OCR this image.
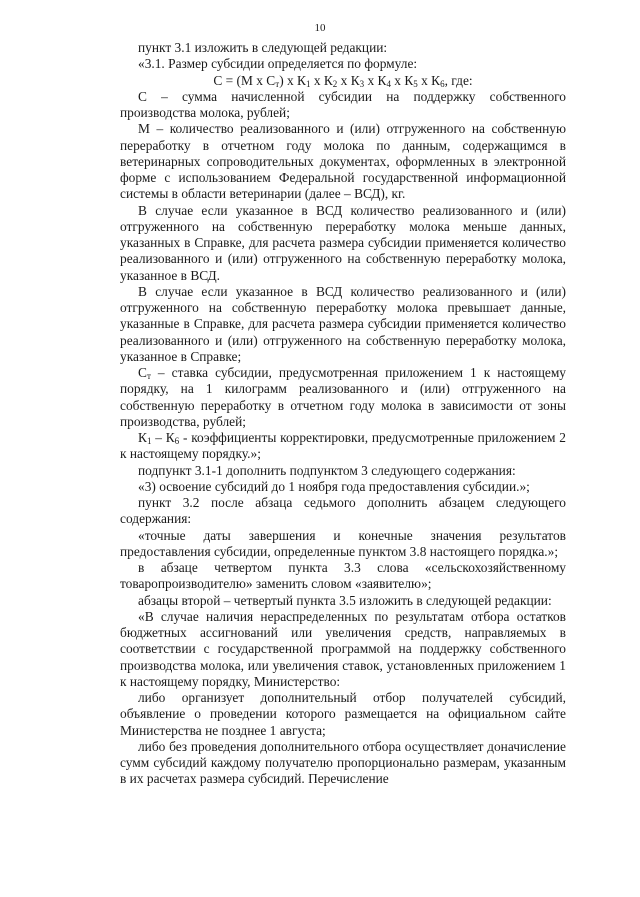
10

пункт 3.1 изложить в следующей редакции:

«3.1. Размер субсидии определяется по формуле:

С = (М х $С_т$) х $К_1$ х $К_2$ х $К_3$ х $К_4$ х $К_5$ х $К_6$, где:

С – сумма начисленной субсидии на поддержку собственного производства молока, рублей;

М – количество реализованного и (или) отгруженного на собственную переработку в отчетном году молока по данным, содержащимся в ветеринарных сопроводительных документах, оформленных в электронной форме с использованием Федеральной государственной информационной системы в области ветеринарии (далее – ВСД), кг.

В случае если указанное в ВСД количество реализованного и (или) отгруженного на собственную переработку молока меньше данных, указанных в Справке, для расчета размера субсидии применяется количество реализованного и (или) отгруженного на собственную переработку молока, указанное в ВСД.

В случае если указанное в ВСД количество реализованного и (или) отгруженного на собственную переработку молока превышает данные, указанные в Справке, для расчета размера субсидии применяется количество реализованного и (или) отгруженного на собственную переработку молока, указанное в Справке;

$С_т$ – ставка субсидии, предусмотренная приложением 1 к настоящему порядку, на 1 килограмм реализованного и (или) отгруженного на собственную переработку в отчетном году молока в зависимости от зоны производства, рублей;

$К_1 - К_6$ - коэффициенты корректировки, предусмотренные приложением 2 к настоящему порядку.»;

подпункт 3.1-1 дополнить подпунктом 3 следующего содержания:

«3) освоение субсидий до 1 ноября года предоставления субсидии.»;

пункт 3.2 после абзаца седьмого дополнить абзацем следующего содержания:

«точные даты завершения и конечные значения результатов предоставления субсидии, определенные пунктом 3.8 настоящего порядка.»;

в абзаце четвертом пункта 3.3 слова «сельскохозяйственному товаропроизводителю» заменить словом «заявителю»;

абзацы второй – четвертый пункта 3.5 изложить в следующей редакции:

«В случае наличия нераспределенных по результатам отбора остатков бюджетных ассигнований или увеличения средств, направляемых в соответствии с государственной программой на поддержку собственного производства молока, или увеличения ставок, установленных приложением 1 к настоящему порядку, Министерство:

либо организует дополнительный отбор получателей субсидий, объявление о проведении которого размещается на официальном сайте Министерства не позднее 1 августа;

либо без проведения дополнительного отбора осуществляет доначисление сумм субсидий каждому получателю пропорционально размерам, указанным в их расчетах размера субсидий. Перечисление
